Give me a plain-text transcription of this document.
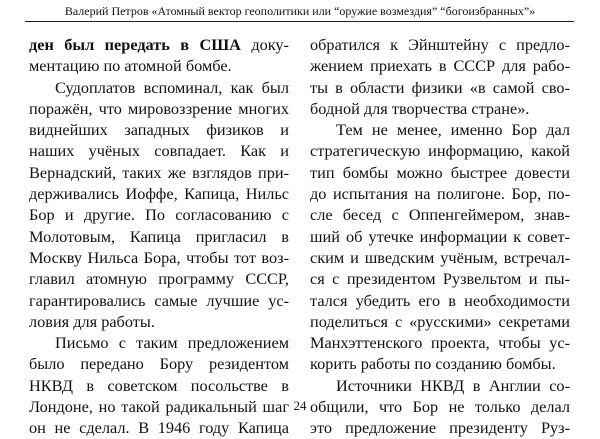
Валерий Петров «Атомный вектор геополитики или “оружие возмездия” “богоизбранных”»
ден был передать в США доку-
ментацию по атомной бомбе.
Судоплатов вспоминал, как был
поражён, что мировоззрение многих
виднейших западных физиков и
наших учёных совпадает. Как и
Вернадский, таких же взглядов при-
держивались Иоффе, Капица, Нильс
Бор и другие. По согласованию с
Молотовым, Капица пригласил в
Москву Нильса Бора, чтобы тот воз-
главил атомную программу СССР,
гарантировались самые лучшие ус-
ловия для работы.
Письмо с таким предложением
было передано Бору резидентом
НКВД в советском посольстве в
Лондоне, но такой радикальный шаг
он не сделал. В 1946 году Капица
обратился к Эйнштейну с предло-
жением приехать в СССР для рабо-
ты в области физики «в самой сво-
бодной для творчества стране».
Тем не менее, именно Бор дал
стратегическую информацию, какой
тип бомбы можно быстрее довести
до испытания на полигоне. Бор, по-
сле бесед с Оппенгеймером, знав-
ший об утечке информации к совет-
ским и шведским учёным, встречал-
ся с президентом Рузвельтом и пы-
тался убедить его в необходимости
поделиться с «русскими» секретами
Манхэттенского проекта, чтобы ус-
корить работы по созданию бомбы.
Источники НКВД в Англии со-
общили, что Бор не только делал
это предложение президенту Руз-
24
